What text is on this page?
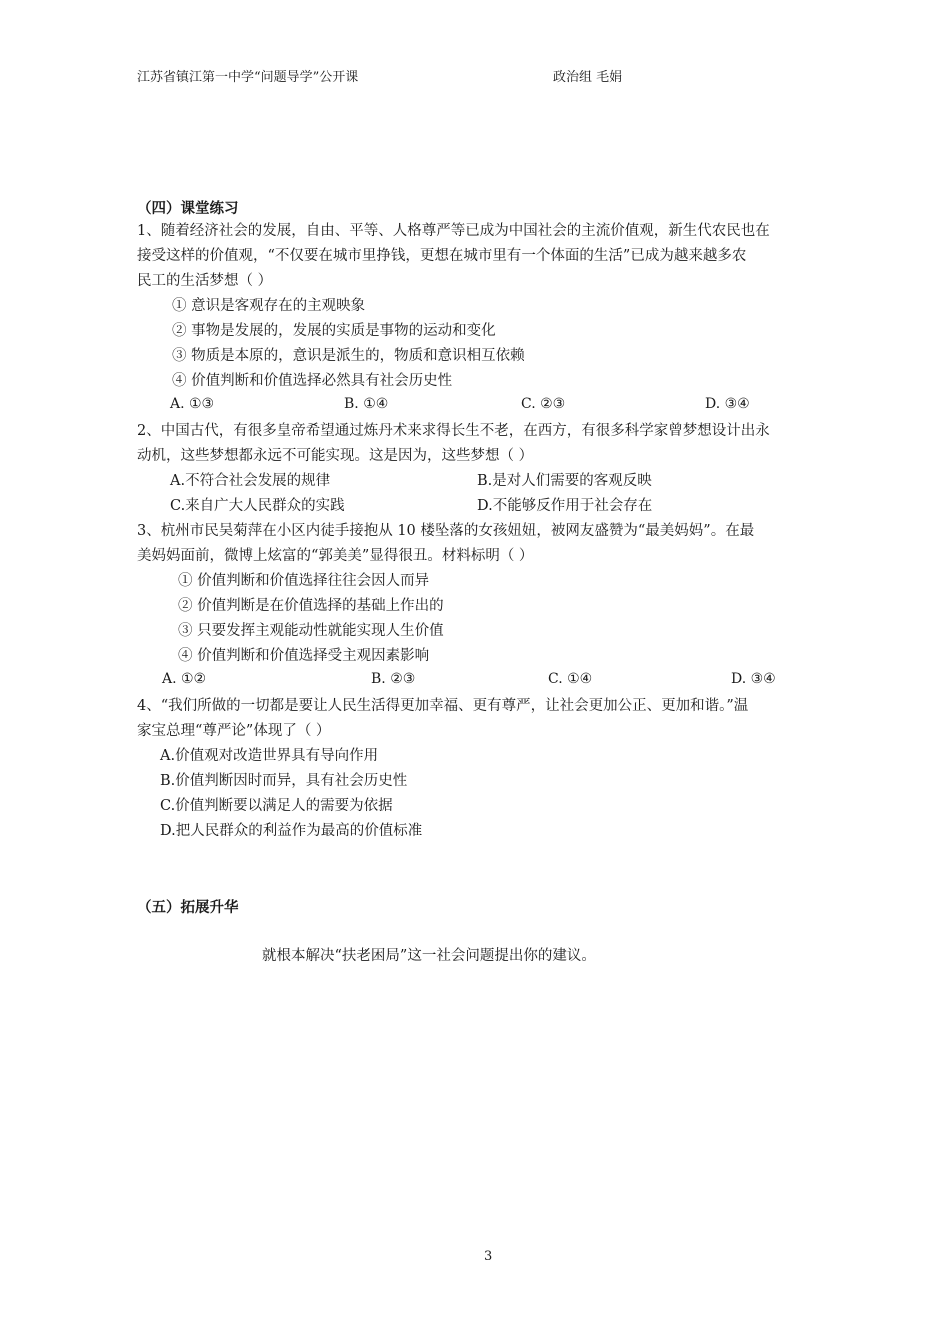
江苏省镇江第一中学“问题导学”公开课	政治组 毛娟
（四）课堂练习
1、随着经济社会的发展，自由、平等、人格尊严等已成为中国社会的主流价值观，新生代农民也在
接受这样的价值观，“不仅要在城市里挣钱，更想在城市里有一个体面的生活”已成为越来越多农
民工的生活梦想（ ）
① 意识是客观存在的主观映象
② 事物是发展的，发展的实质是事物的运动和变化
③ 物质是本原的，意识是派生的，物质和意识相互依赖
④ 价值判断和价值选择必然具有社会历史性
A. ①③	B. ①④	C. ②③	D. ③④
2、中国古代，有很多皇帝希望通过炼丹术来求得长生不老，在西方，有很多科学家曾梦想设计出永
动机，这些梦想都永远不可能实现。这是因为，这些梦想（ ）
A.不符合社会发展的规律	B.是对人们需要的客观反映
C.来自广大人民群众的实践	D.不能够反作用于社会存在
3、杭州市民吴菊萍在小区内徒手接抱从 10 楼坠落的女孩妞妞，被网友盛赞为“最美妈妈”。在最
美妈妈面前，微博上炫富的“郭美美”显得很丑。材料标明（ ）
① 价值判断和价值选择往往会因人而异
② 价值判断是在价值选择的基础上作出的
③ 只要发挥主观能动性就能实现人生价值
④ 价值判断和价值选择受主观因素影响
A. ①②	B. ②③	C. ①④	D. ③④
4、“我们所做的一切都是要让人民生活得更加幸福、更有尊严，让社会更加公正、更加和谐。”温
家宝总理“尊严论”体现了（ ）
A.价值观对改造世界具有导向作用
B.价值判断因时而异，具有社会历史性
C.价值判断要以满足人的需要为依据
D.把人民群众的利益作为最高的价值标准
（五）拓展升华
就根本解决“扶老困局”这一社会问题提出你的建议。
3
